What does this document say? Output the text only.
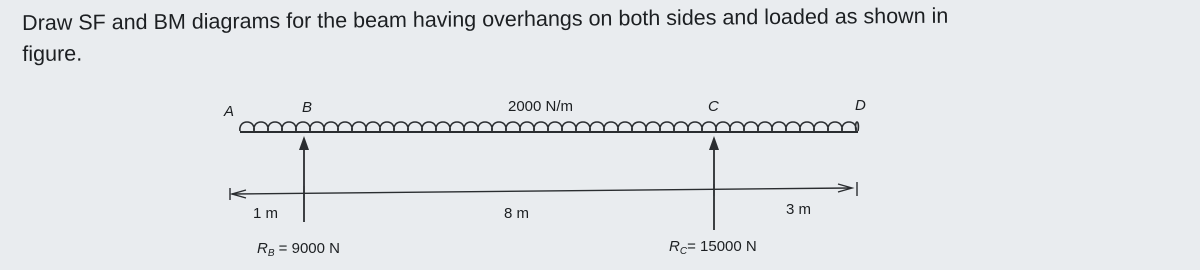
Draw SF and BM diagrams for the beam having overhangs on both sides and loaded as shown in
figure.
A	B	C	D
2000 N/m
1 m	8 m	3 m
$R_B = 9000$ N	$R_C= 15000$ N
